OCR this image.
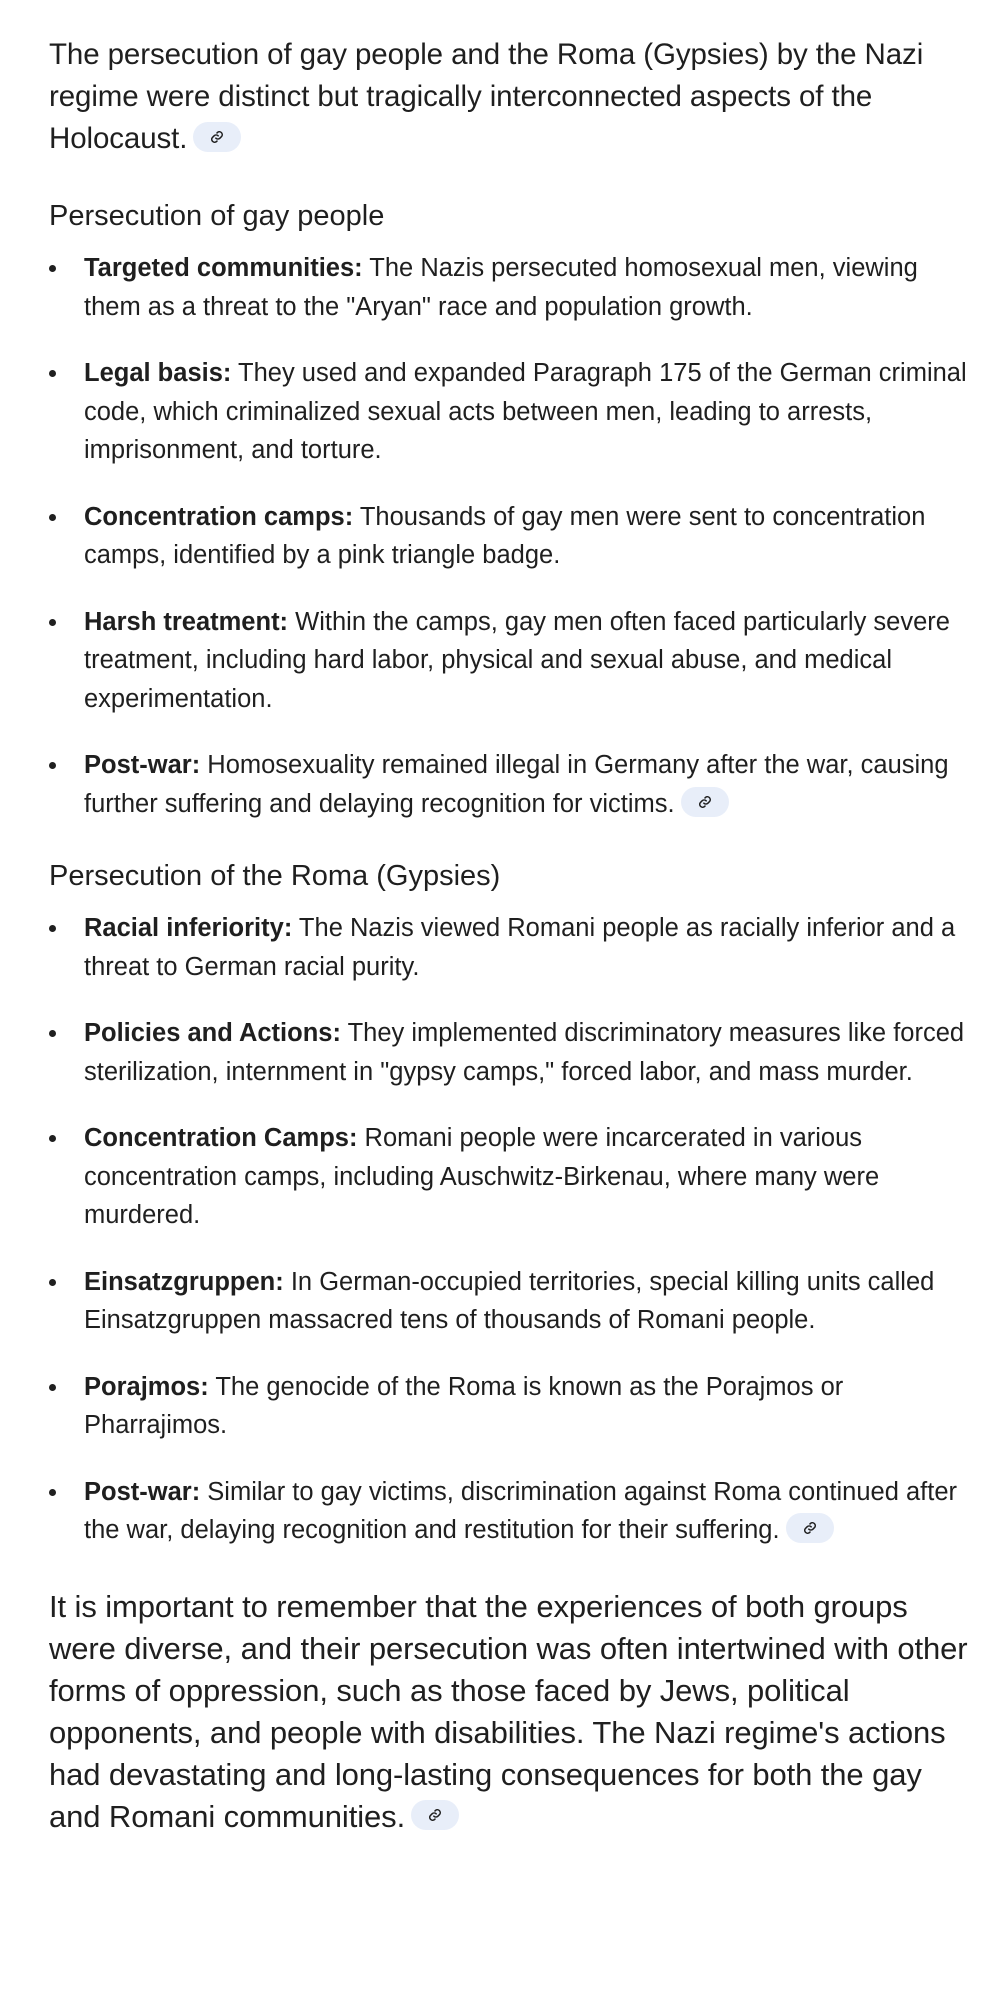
The persecution of gay people and the Roma (Gypsies) by the Nazi regime were distinct but tragically interconnected aspects of the Holocaust.

Persecution of gay people
Targeted communities: The Nazis persecuted homosexual men, viewing them as a threat to the "Aryan" race and population growth.
Legal basis: They used and expanded Paragraph 175 of the German criminal code, which criminalized sexual acts between men, leading to arrests, imprisonment, and torture.
Concentration camps: Thousands of gay men were sent to concentration camps, identified by a pink triangle badge.
Harsh treatment: Within the camps, gay men often faced particularly severe treatment, including hard labor, physical and sexual abuse, and medical experimentation.
Post-war: Homosexuality remained illegal in Germany after the war, causing further suffering and delaying recognition for victims.
Persecution of the Roma (Gypsies)
Racial inferiority: The Nazis viewed Romani people as racially inferior and a threat to German racial purity.
Policies and Actions: They implemented discriminatory measures like forced sterilization, internment in "gypsy camps," forced labor, and mass murder.
Concentration Camps: Romani people were incarcerated in various concentration camps, including Auschwitz-Birkenau, where many were murdered.
Einsatzgruppen: In German-occupied territories, special killing units called Einsatzgruppen massacred tens of thousands of Romani people.
Porajmos: The genocide of the Roma is known as the Porajmos or Pharrajimos.
Post-war: Similar to gay victims, discrimination against Roma continued after the war, delaying recognition and restitution for their suffering.

It is important to remember that the experiences of both groups were diverse, and their persecution was often intertwined with other forms of oppression, such as those faced by Jews, political opponents, and people with disabilities. The Nazi regime's actions had devastating and long-lasting consequences for both the gay and Romani communities.
